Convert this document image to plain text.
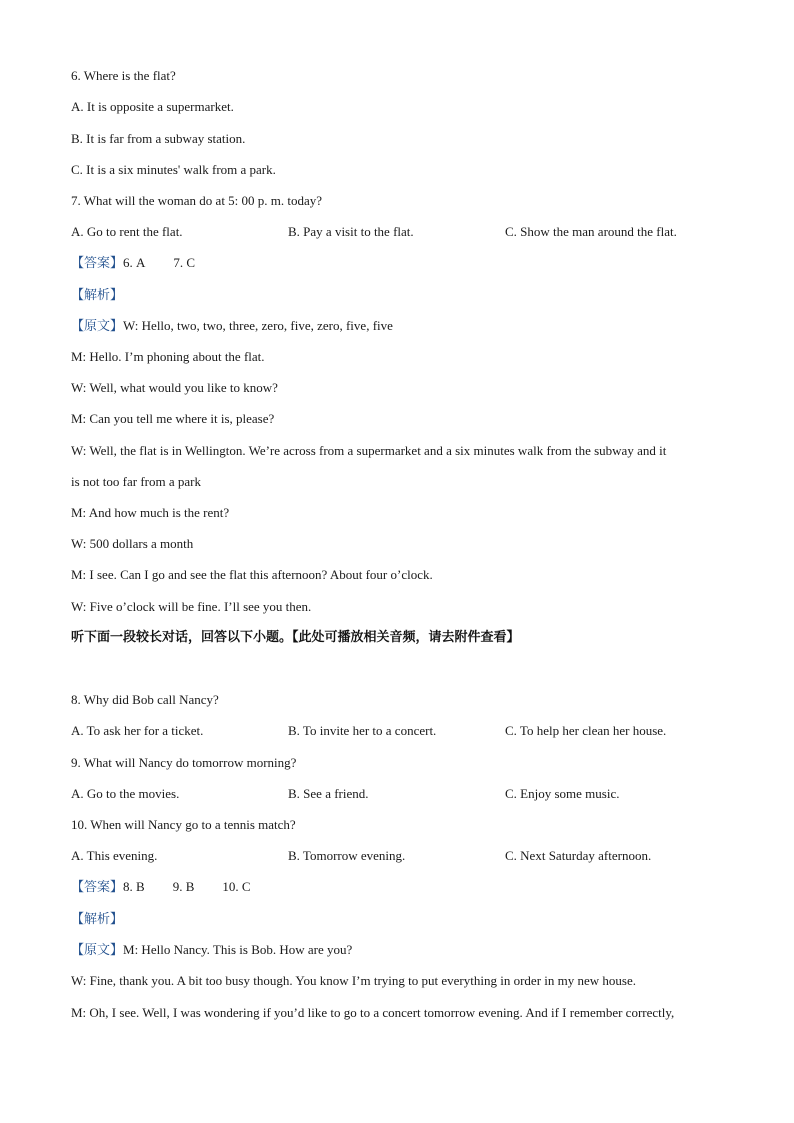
6. Where is the flat?
A. It is opposite a supermarket.
B. It is far from a subway station.
C. It is a six minutes' walk from a park.
7. What will the woman do at 5: 00 p. m. today?
A. Go to rent the flat.	B. Pay a visit to the flat.	C. Show the man around the flat.
【答案】6. A 7. C
【解析】
【原文】W: Hello, two, two, three, zero, five, zero, five, five
M: Hello. I’m phoning about the flat.
W: Well, what would you like to know?
M: Can you tell me where it is, please?
W: Well, the flat is in Wellington. We’re across from a supermarket and a six minutes walk from the subway and it
is not too far from a park
M: And how much is the rent?
W: 500 dollars a month
M: I see. Can I go and see the flat this afternoon? About four o’clock.
W: Five o’clock will be fine. I’ll see you then.
听下面一段较长对话，回答以下小题。【此处可播放相关音频，请去附件查看】
8. Why did Bob call Nancy?
A. To ask her for a ticket.	B. To invite her to a concert.	C. To help her clean her house.
9. What will Nancy do tomorrow morning?
A. Go to the movies.	B. See a friend.	C. Enjoy some music.
10. When will Nancy go to a tennis match?
A. This evening.	B. Tomorrow evening.	C. Next Saturday afternoon.
【答案】8. B 9. B 10. C
【解析】
【原文】M: Hello Nancy. This is Bob. How are you?
W: Fine, thank you. A bit too busy though. You know I’m trying to put everything in order in my new house.
M: Oh, I see. Well, I was wondering if you’d like to go to a concert tomorrow evening. And if I remember correctly,
